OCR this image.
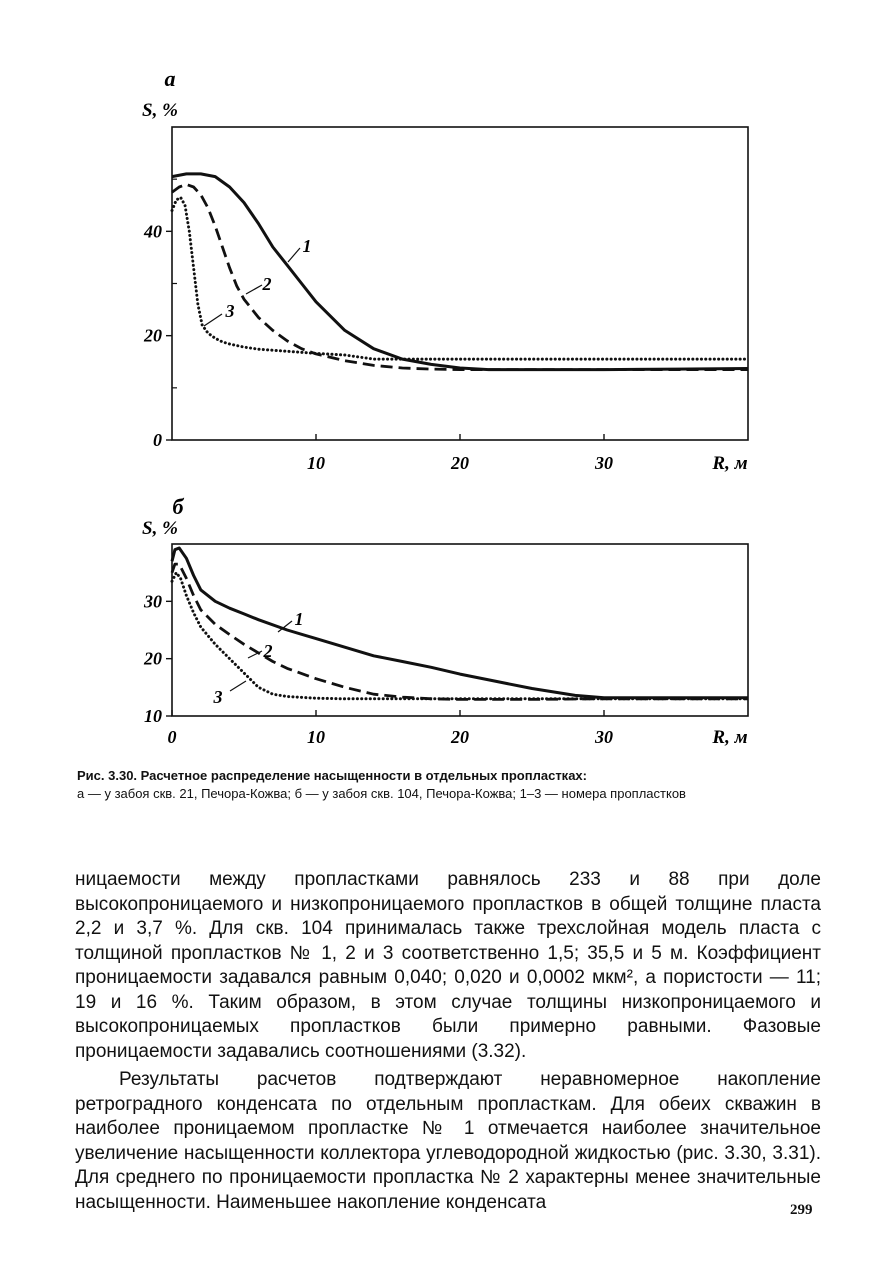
a
S, %
10	20	30
0
20
40
R, м
1
2
3
б
S, %
0	10	20	30
10
20
30
R, м
1
2
3
Рис. 3.30. Расчетное распределение насыщенности в отдельных пропластках:
а — у забоя скв. 21, Печора-Кожва; б — у забоя скв. 104, Печора-Кожва; 1–3 — номера пропластков

ницаемости между пропластками равнялось 233 и 88 при доле высокопроницаемого и низкопроницаемого пропластков в общей толщине пласта 2,2 и 3,7 %. Для скв. 104 принималась также трехслойная модель пласта с толщиной пропластков № 1, 2 и 3 соответственно 1,5; 35,5 и 5 м. Коэффициент проницаемости задавался равным 0,040; 0,020 и 0,0002 мкм², а пористости — 11; 19 и 16 %. Таким образом, в этом случае толщины низкопроницаемого и высокопроницаемых пропластков были примерно равными. Фазовые проницаемости задавались соотношениями (3.32).

Результаты расчетов подтверждают неравномерное накопление ретроградного конденсата по отдельным пропласткам. Для обеих скважин в наиболее проницаемом пропластке № 1 отмечается наиболее значительное увеличение насыщенности коллектора углеводородной жидкостью (рис. 3.30, 3.31). Для среднего по проницаемости пропластка № 2 характерны менее значительные насыщенности. Наименьшее накопление конденсата	299
